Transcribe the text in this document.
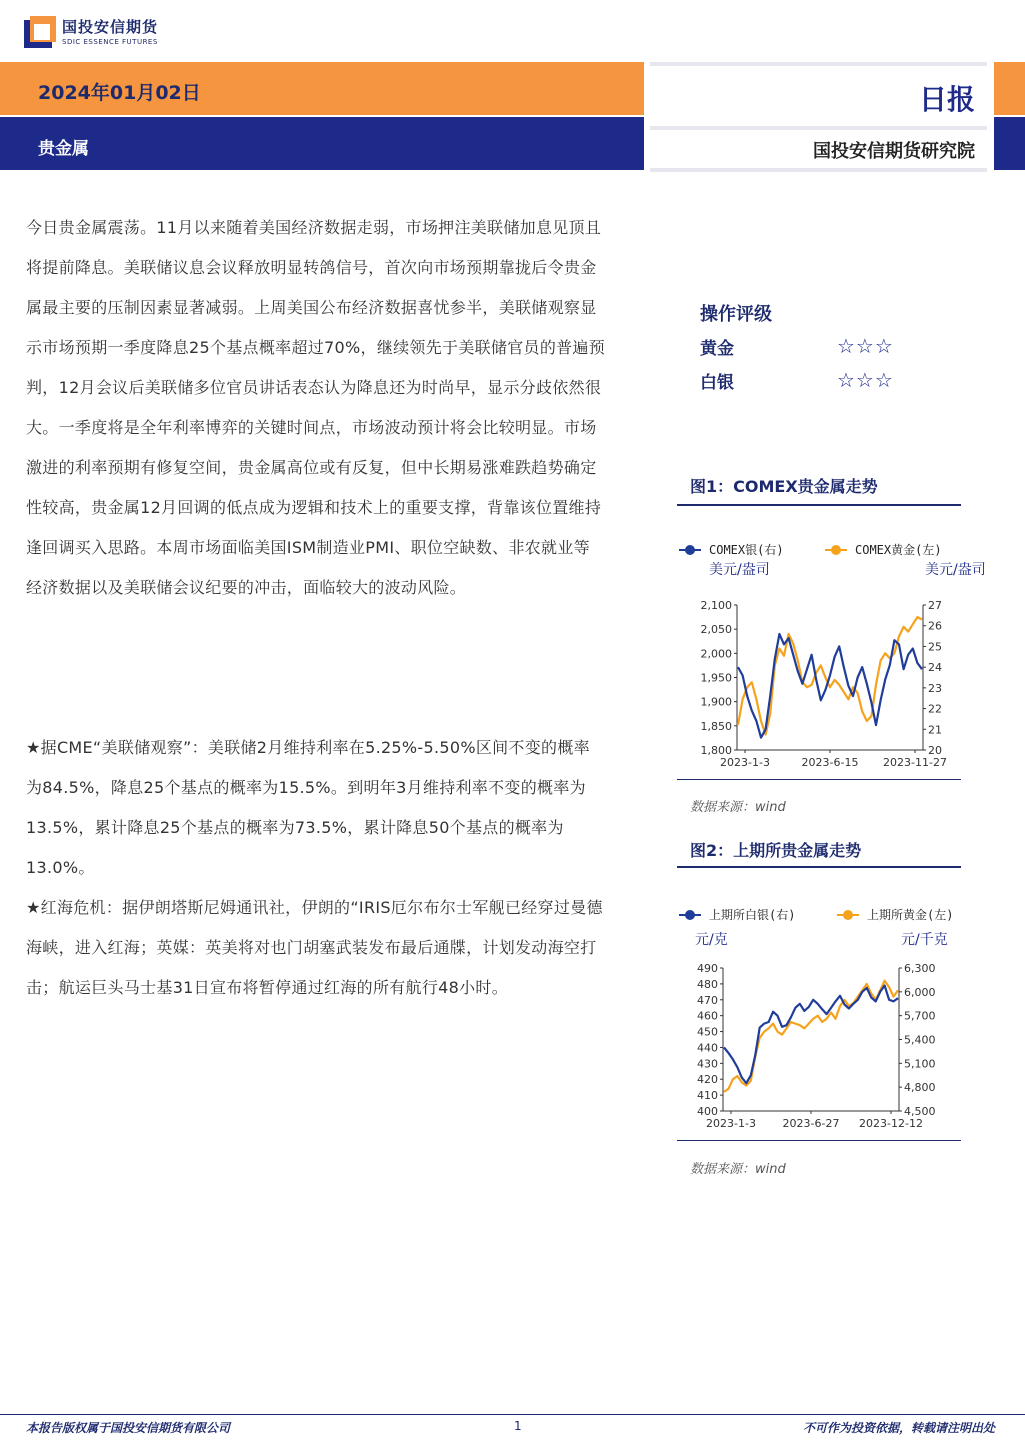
国投安信期货
SDIC ESSENCE FUTURES
2024年01月02日
贵金属
日报
国投安信期货研究院

今日贵金属震荡。11月以来随着美国经济数据走弱，市场押注美联储加息见顶且将提前降息。美联储议息会议释放明显转鸽信号，首次向市场预期靠拢后令贵金属最主要的压制因素显著减弱。上周美国公布经济数据喜忧参半，美联储观察显示市场预期一季度降息25个基点概率超过70%，继续领先于美联储官员的普遍预判，12月会议后美联储多位官员讲话表态认为降息还为时尚早，显示分歧依然很大。一季度将是全年利率博弈的关键时间点，市场波动预计将会比较明显。市场激进的利率预期有修复空间，贵金属高位或有反复，但中长期易涨难跌趋势确定性较高，贵金属12月回调的低点成为逻辑和技术上的重要支撑，背靠该位置维持逢回调买入思路。本周市场面临美国ISM制造业PMI、职位空缺数、非农就业等经济数据以及美联储会议纪要的冲击，面临较大的波动风险。

★据CME“美联储观察”：美联储2月维持利率在5.25%-5.50%区间不变的概率为84.5%，降息25个基点的概率为15.5%。到明年3月维持利率不变的概率为13.5%，累计降息25个基点的概率为73.5%，累计降息50个基点的概率为13.0%。

★红海危机：据伊朗塔斯尼姆通讯社，伊朗的“IRIS厄尔布尔士军舰已经穿过曼德海峡，进入红海；英媒：英美将对也门胡塞武装发布最后通牒，计划发动海空打击；航运巨头马士基31日宣布将暂停通过红海的所有航行48小时。

操作评级
黄金	☆☆☆
白银	☆☆☆
图1：COMEX贵金属走势
COMEX银(右)	COMEX黄金(左)
美元/盎司	美元/盎司
2,100
2,050
2,000
1,950
1,900
1,850
1,800
27
26
25
24
23
22
21
20
2023-1-3	2023-6-15 2023-11-27
数据来源：wind
图2：上期所贵金属走势
上期所白银(右)	上期所黄金(左)
元/克	元/千克
490
480
470
460
450
440
430
420
410
400
6,300
6,000
5,700
5,400
5,100
4,800
4,500
2023-1-3 2023-6-27 2023-12-12
数据来源：wind
本报告版权属于国投安信期货有限公司	1	不可作为投资依据，转载请注明出处
